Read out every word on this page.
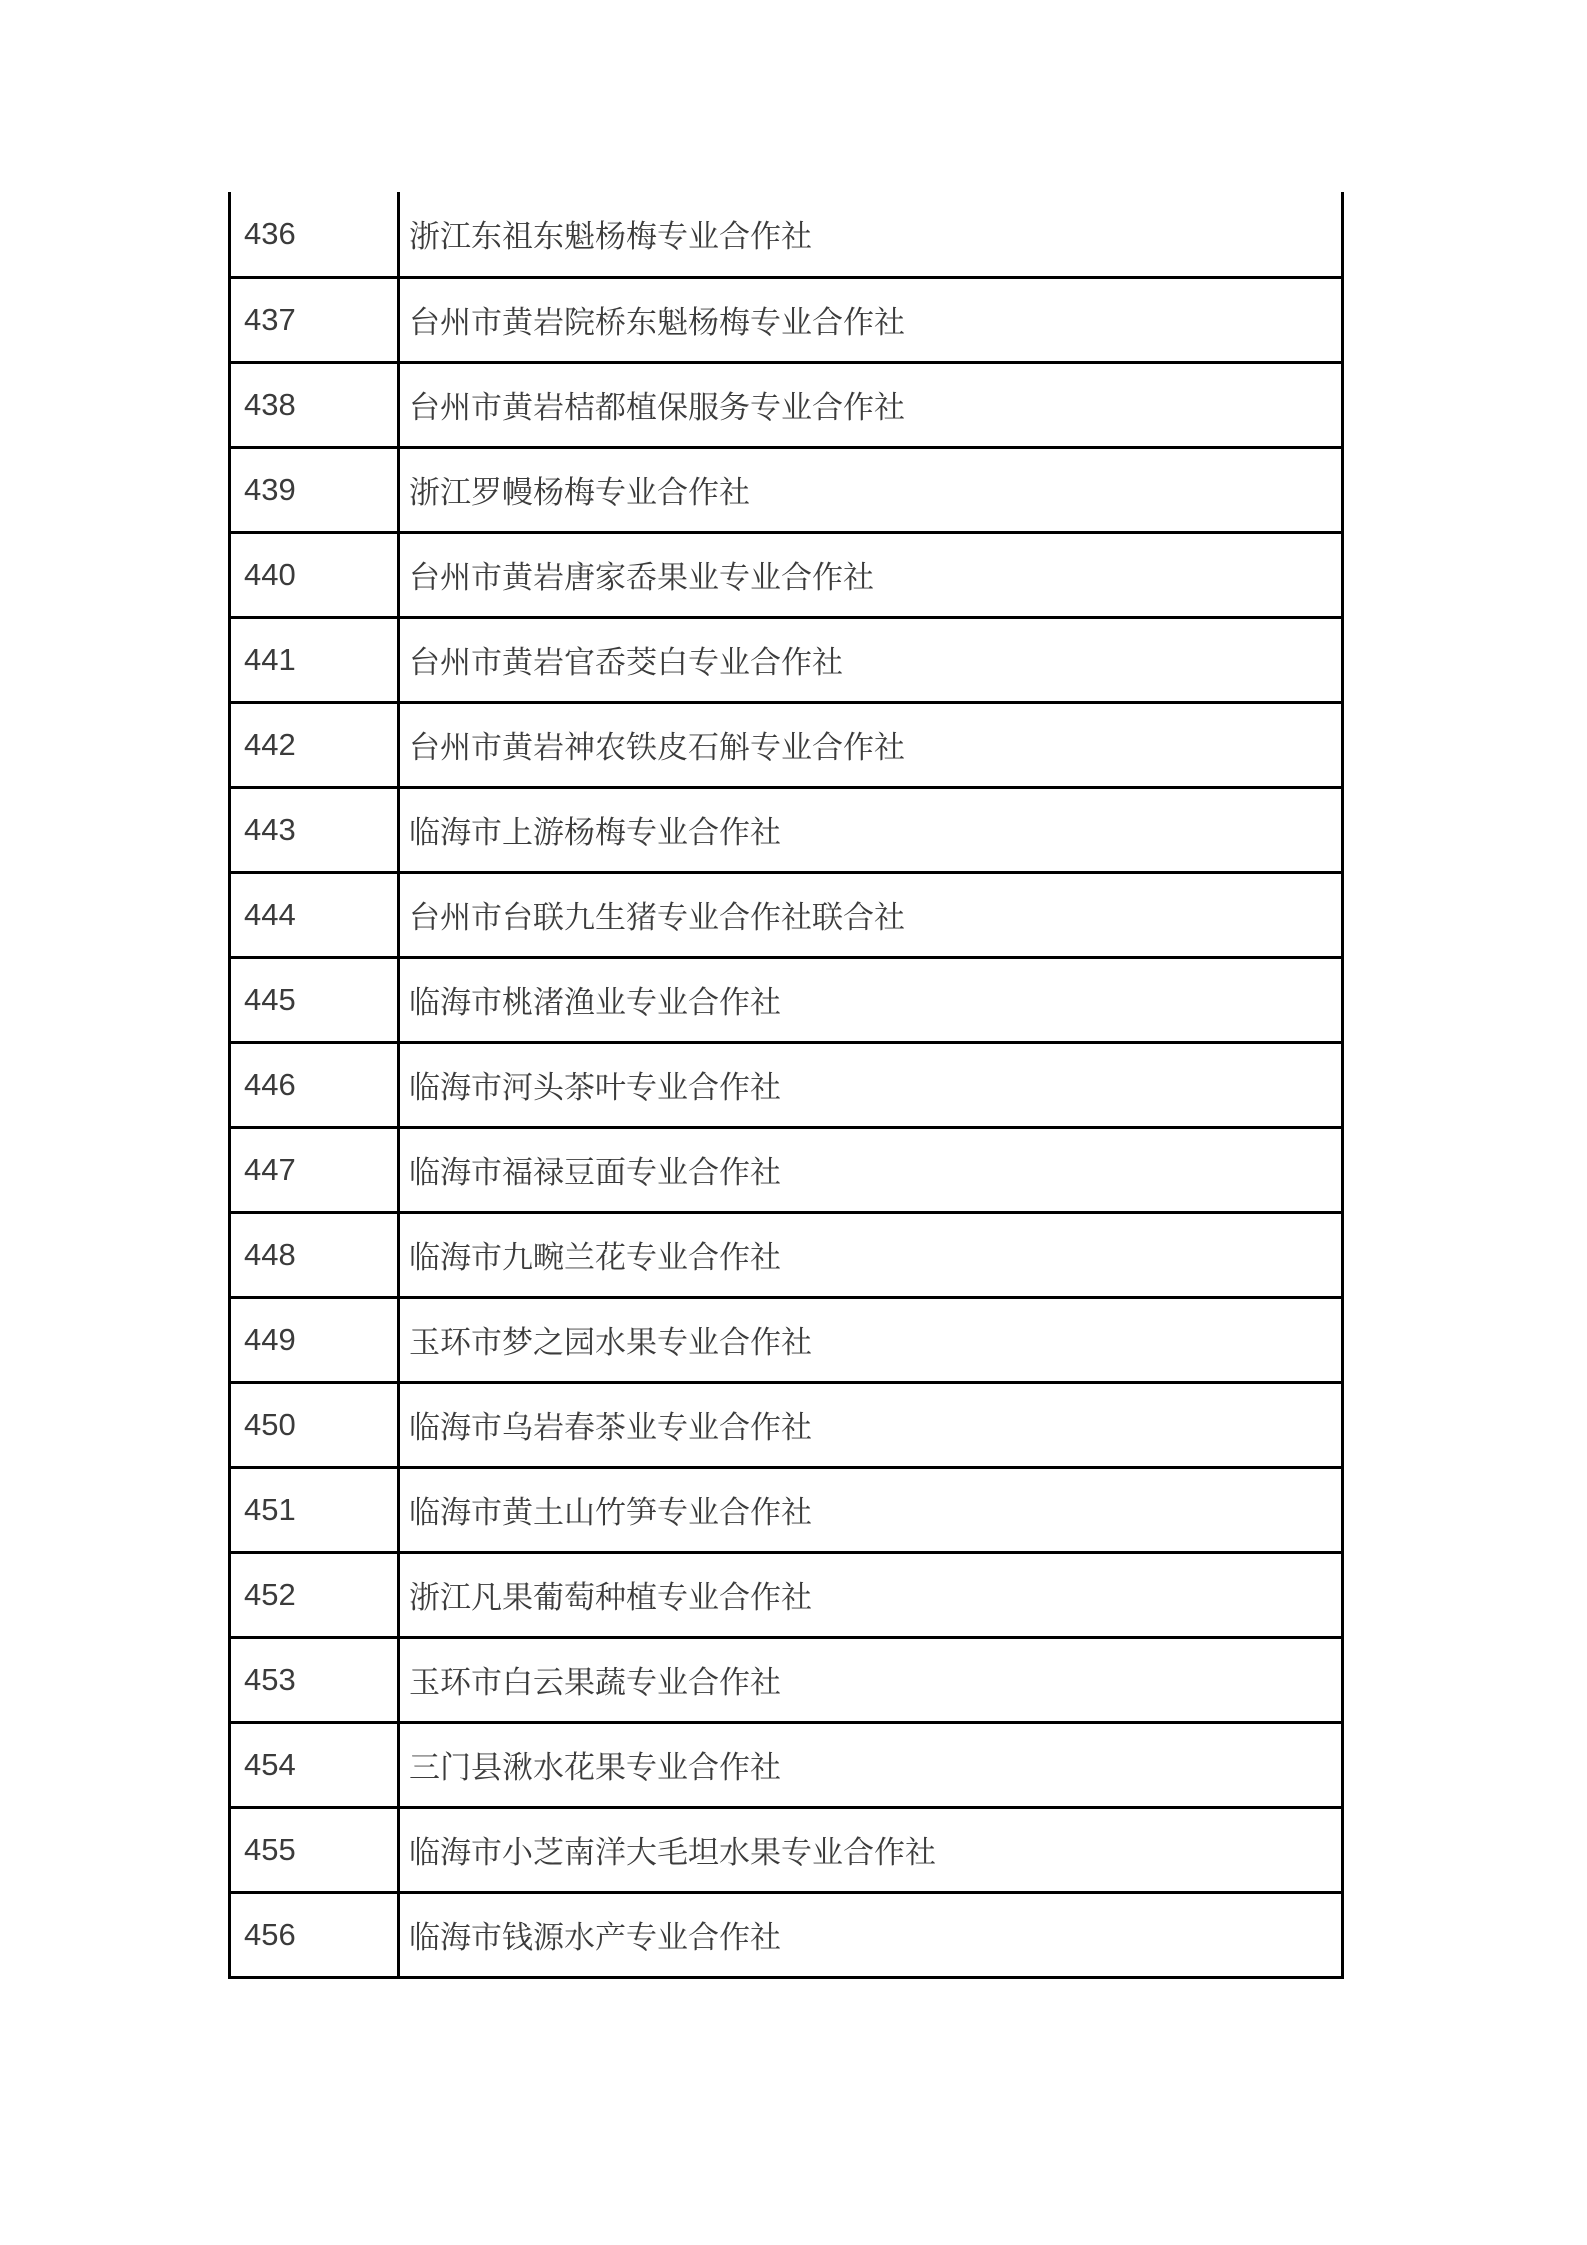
436	浙江东祖东魁杨梅专业合作社
437	台州市黄岩院桥东魁杨梅专业合作社
438	台州市黄岩桔都植保服务专业合作社
439	浙江罗幔杨梅专业合作社
440	台州市黄岩唐家岙果业专业合作社
441	台州市黄岩官岙茭白专业合作社
442	台州市黄岩神农铁皮石斛专业合作社
443	临海市上游杨梅专业合作社
444	台州市台联九生猪专业合作社联合社
445	临海市桃渚渔业专业合作社
446	临海市河头茶叶专业合作社
447	临海市福禄豆面专业合作社
448	临海市九畹兰花专业合作社
449	玉环市梦之园水果专业合作社
450	临海市乌岩春茶业专业合作社
451	临海市黄土山竹笋专业合作社
452	浙江凡果葡萄种植专业合作社
453	玉环市白云果蔬专业合作社
454	三门县湫水花果专业合作社
455	临海市小芝南洋大毛坦水果专业合作社
456	临海市钱源水产专业合作社
